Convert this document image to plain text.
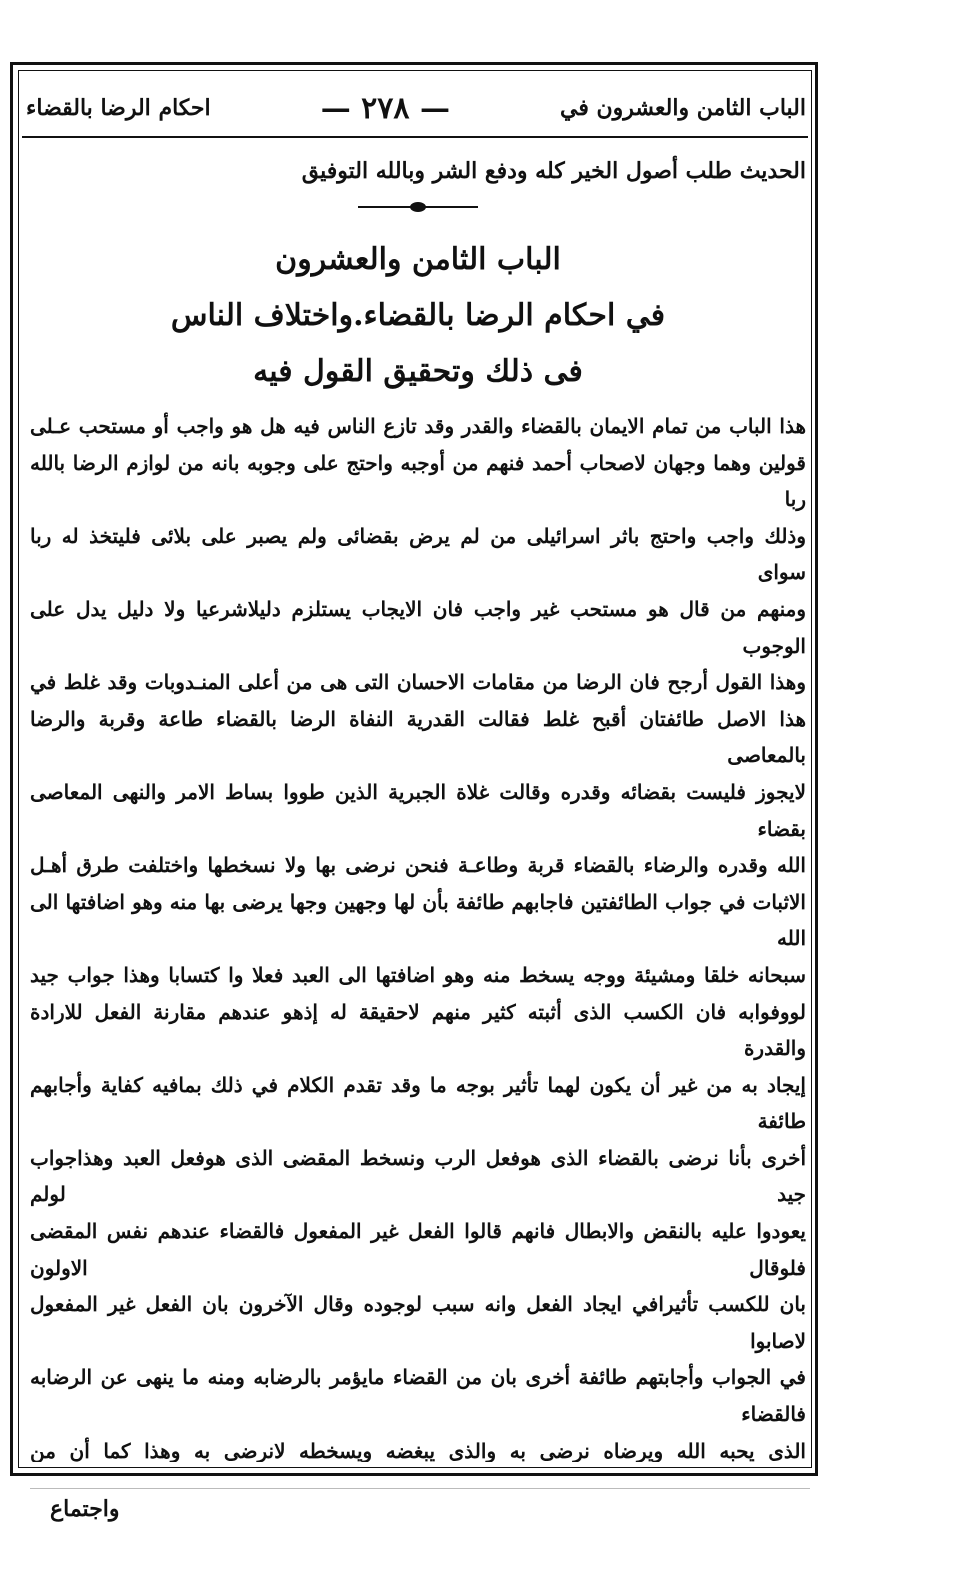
الباب الثامن والعشرون في
— ٢٧٨ —
احكام الرضا بالقضاء

الحديث طلب أصول الخير كله ودفع الشر وبالله التوفيق

الباب الثامن والعشرون
في احكام الرضا بالقضاء.واختلاف الناس
فى ذلك وتحقيق القول فيه
هذا الباب من تمام الايمان بالقضاء والقدر وقد تازع الناس فيه هل هو واجب أو مستحب عـلى
قولين وهما وجهان لاصحاب أحمد فنهم من أوجبه واحتج على وجوبه بانه من لوازم الرضا بالله ربا
وذلك واجب واحتج باثر اسرائيلى من لم يرض بقضائى ولم يصبر على بلائى فليتخذ له ربا سواى
ومنهم من قال هو مستحب غير واجب فان الايجاب يستلزم دليلاشرعيا ولا دليل يدل على الوجوب
وهذا القول أرجح فان الرضا من مقامات الاحسان التى هى من أعلى المنـدوبات وقد غلط في
هذا الاصل طائفتان أقبح غلط فقالت القدرية النفاة الرضا بالقضاء طاعة وقربة والرضا بالمعاصى
لايجوز فليست بقضائه وقدره وقالت غلاة الجبرية الذين طووا بساط الامر والنهى المعاصى بقضاء
الله وقدره والرضاء بالقضاء قربة وطاعـة فنحن نرضى بها ولا نسخطها واختلفت طرق أهـل
الاثبات في جواب الطائفتين فاجابهم طائفة بأن لها وجهين وجها يرضى بها منه وهو اضافتها الى الله
سبحانه خلقا ومشيئة ووجه يسخط منه وهو اضافتها الى العبد فعلا وا كتسابا وهذا جواب جيد
لووفوابه فان الكسب الذى أثبته كثير منهم لاحقيقة له إذهو عندهم مقارنة الفعل للارادة والقدرة
إيجاد به من غير أن يكون لهما تأثير بوجه ما وقد تقدم الكلام في ذلك بمافيه كفاية وأجابهم طائفة
أخرى بأنا نرضى بالقضاء الذى هوفعل الرب ونسخط المقضى الذى هوفعل العبد وهذاجواب جيد لولم
يعودوا عليه بالنقض والابطال فانهم قالوا الفعل غير المفعول فالقضاء عندهم نفس المقضى فلوقال الاولون
بان للكسب تأثيرافي ايجاد الفعل وانه سبب لوجوده وقال الآخرون بان الفعل غير المفعول لاصابوا
في الجواب وأجابتهم طائفة أخرى بان من القضاء مايؤمر بالرضابه ومنه ما ينهى عن الرضابه فالقضاء
الذى يحبه الله ويرضاه نرضى به والذى يبغضه ويسخطه لانرضى به وهذا كما أن من
واجتماع
